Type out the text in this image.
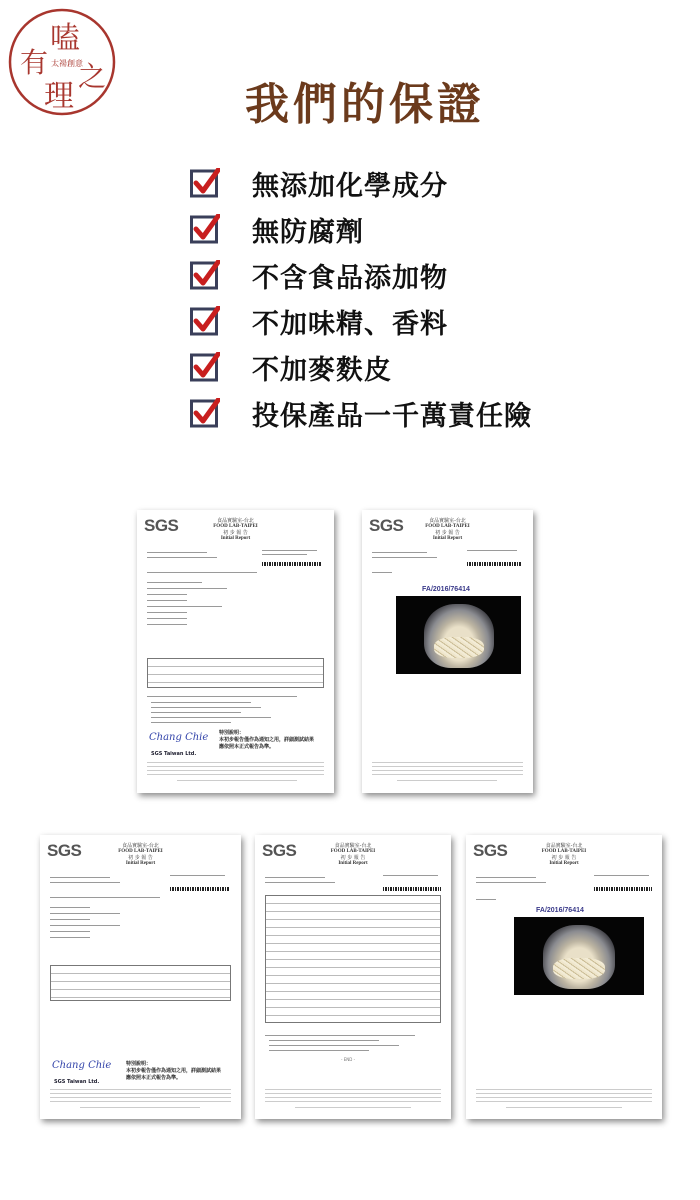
有
嗑
理
之
太禓創意
我們的保證
無添加化學成分
無防腐劑
不含食品添加物
不加味精、香料
不加麥麩皮
投保產品一千萬責任險
SGS	食品實驗室-台北
FOOD LAB-TAIPEI
初 步 報 告
Initial Report
Chang Chie
SGS Taiwan Ltd.
特別說明：
本初步報告僅作為通知之用，詳細測試結果
應依照本正式報告為準。
SGS	食品實驗室-台北
FOOD LAB-TAIPEI
初 步 報 告
Initial Report
FA/2016/76414
SGS	食品實驗室-台北
FOOD LAB-TAIPEI
初 步 報 告
Initial Report
Chang Chie
SGS Taiwan Ltd.
特別說明：
本初步報告僅作為通知之用，詳細測試結果
應依照本正式報告為準。
SGS	食品實驗室-台北
FOOD LAB-TAIPEI
初 步 報 告
Initial Report
- END -
SGS	食品實驗室-台北
FOOD LAB-TAIPEI
初 步 報 告
Initial Report
FA/2016/76414
